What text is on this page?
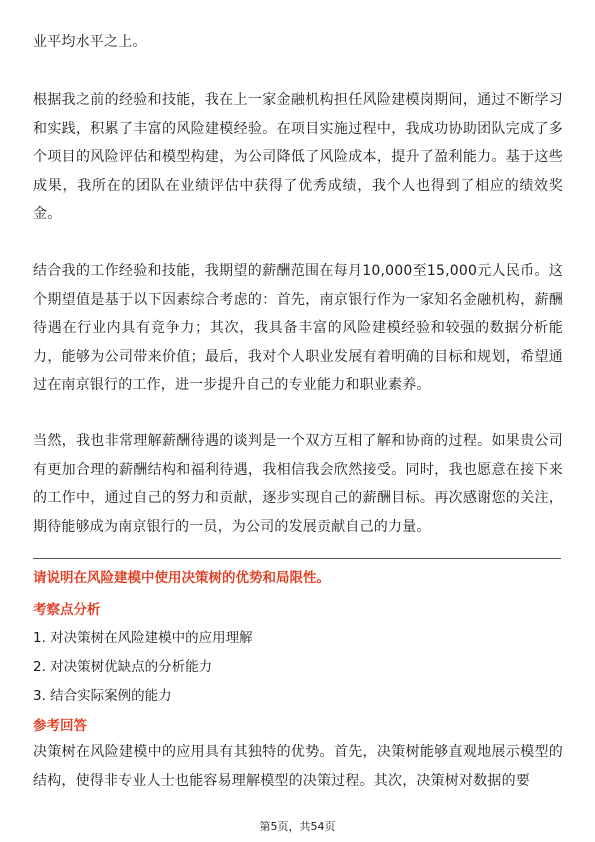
业平均水平之上。

根据我之前的经验和技能，我在上一家金融机构担任风险建模岗期间，通过不断学习和实践，积累了丰富的风险建模经验。在项目实施过程中，我成功协助团队完成了多个项目的风险评估和模型构建，为公司降低了风险成本，提升了盈利能力。基于这些成果，我所在的团队在业绩评估中获得了优秀成绩，我个人也得到了相应的绩效奖金。

结合我的工作经验和技能，我期望的薪酬范围在每月10,000至15,000元人民币。这个期望值是基于以下因素综合考虑的：首先，南京银行作为一家知名金融机构，薪酬待遇在行业内具有竞争力；其次，我具备丰富的风险建模经验和较强的数据分析能力，能够为公司带来价值；最后，我对个人职业发展有着明确的目标和规划，希望通过在南京银行的工作，进一步提升自己的专业能力和职业素养。

当然，我也非常理解薪酬待遇的谈判是一个双方互相了解和协商的过程。如果贵公司有更加合理的薪酬结构和福利待遇，我相信我会欣然接受。同时，我也愿意在接下来的工作中，通过自己的努力和贡献，逐步实现自己的薪酬目标。再次感谢您的关注，期待能够成为南京银行的一员，为公司的发展贡献自己的力量。

请说明在风险建模中使用决策树的优势和局限性。
考察点分析
1. 对决策树在风险建模中的应用理解
2. 对决策树优缺点的分析能力
3. 结合实际案例的能力
参考回答

决策树在风险建模中的应用具有其独特的优势。首先，决策树能够直观地展示模型的结构，使得非专业人士也能容易理解模型的决策过程。其次，决策树对数据的要

第5页，共54页
